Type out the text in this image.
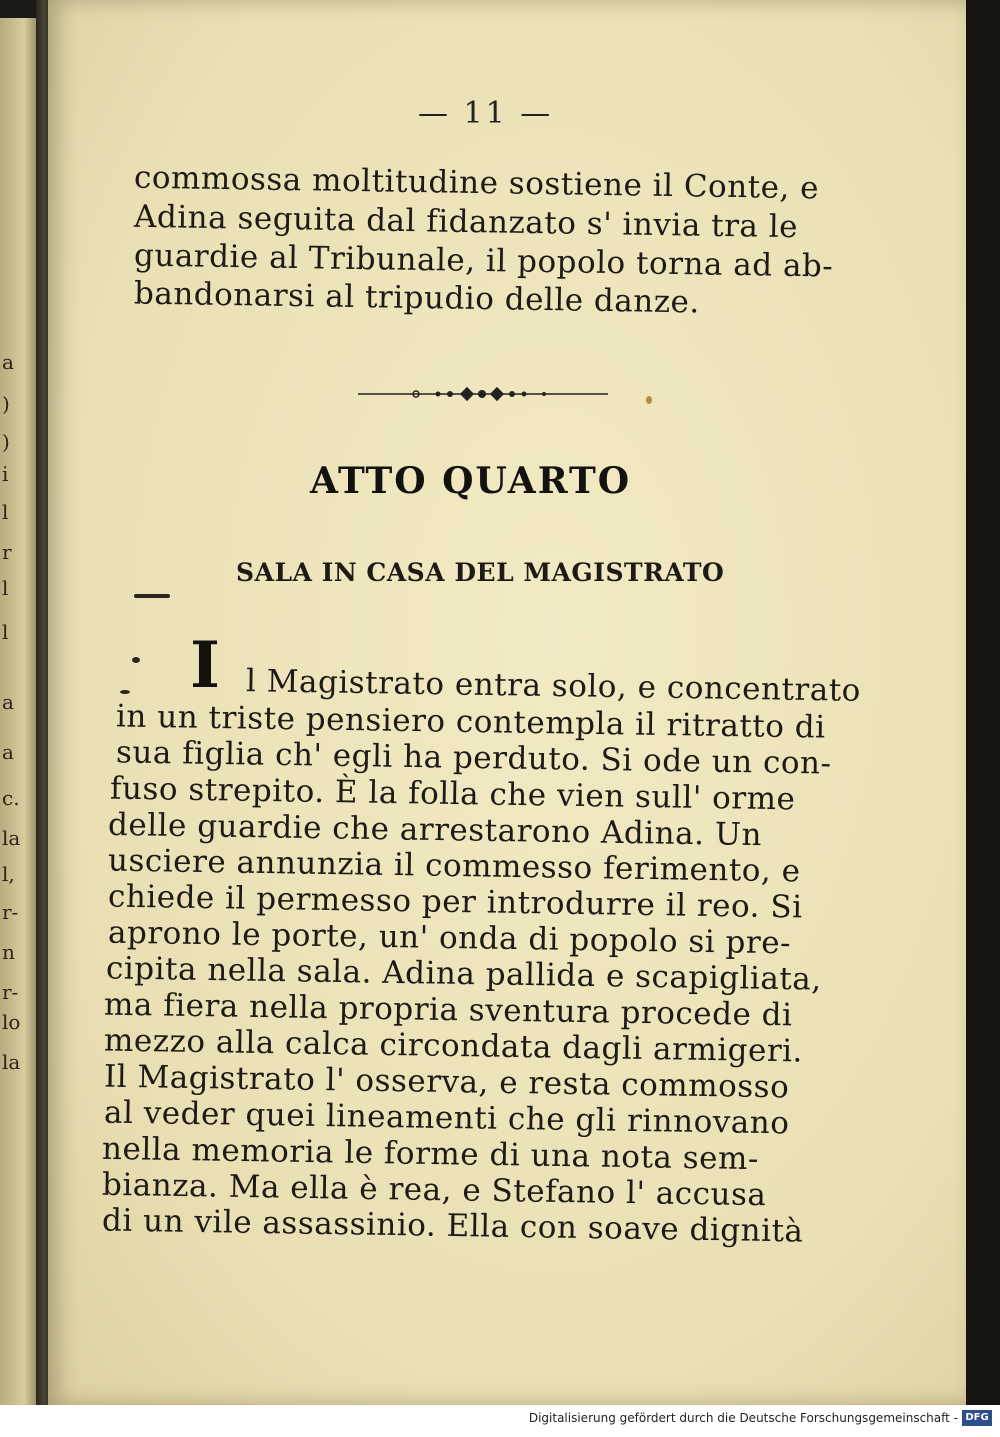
a
)
)
i
l
r
l
l
a
a
c.
la
l,
r-
n
r-
lo
la
— 11 —
commossa moltitudine sostiene il Conte, e
Adina seguita dal fidanzato s' invia tra le
guardie al Tribunale, il popolo torna ad ab-
bandonarsi al tripudio delle danze.
ATTO QUARTO
SALA IN CASA DEL MAGISTRATO
I l Magistrato entra solo, e concentrato
in un triste pensiero contempla il ritratto di
sua figlia ch' egli ha perduto. Si ode un con-
fuso strepito. È la folla che vien sull' orme
delle guardie che arrestarono Adina. Un
usciere annunzia il commesso ferimento, e
chiede il permesso per introdurre il reo. Si
aprono le porte, un' onda di popolo si pre-
cipita nella sala. Adina pallida e scapigliata,
ma fiera nella propria sventura procede di
mezzo alla calca circondata dagli armigeri.
Il Magistrato l' osserva, e resta commosso
al veder quei lineamenti che gli rinnovano
nella memoria le forme di una nota sem-
bianza. Ma ella è rea, e Stefano l' accusa
di un vile assassinio. Ella con soave dignità
Digitalisierung gefördert durch die Deutsche Forschungsgemeinschaft - DFG
